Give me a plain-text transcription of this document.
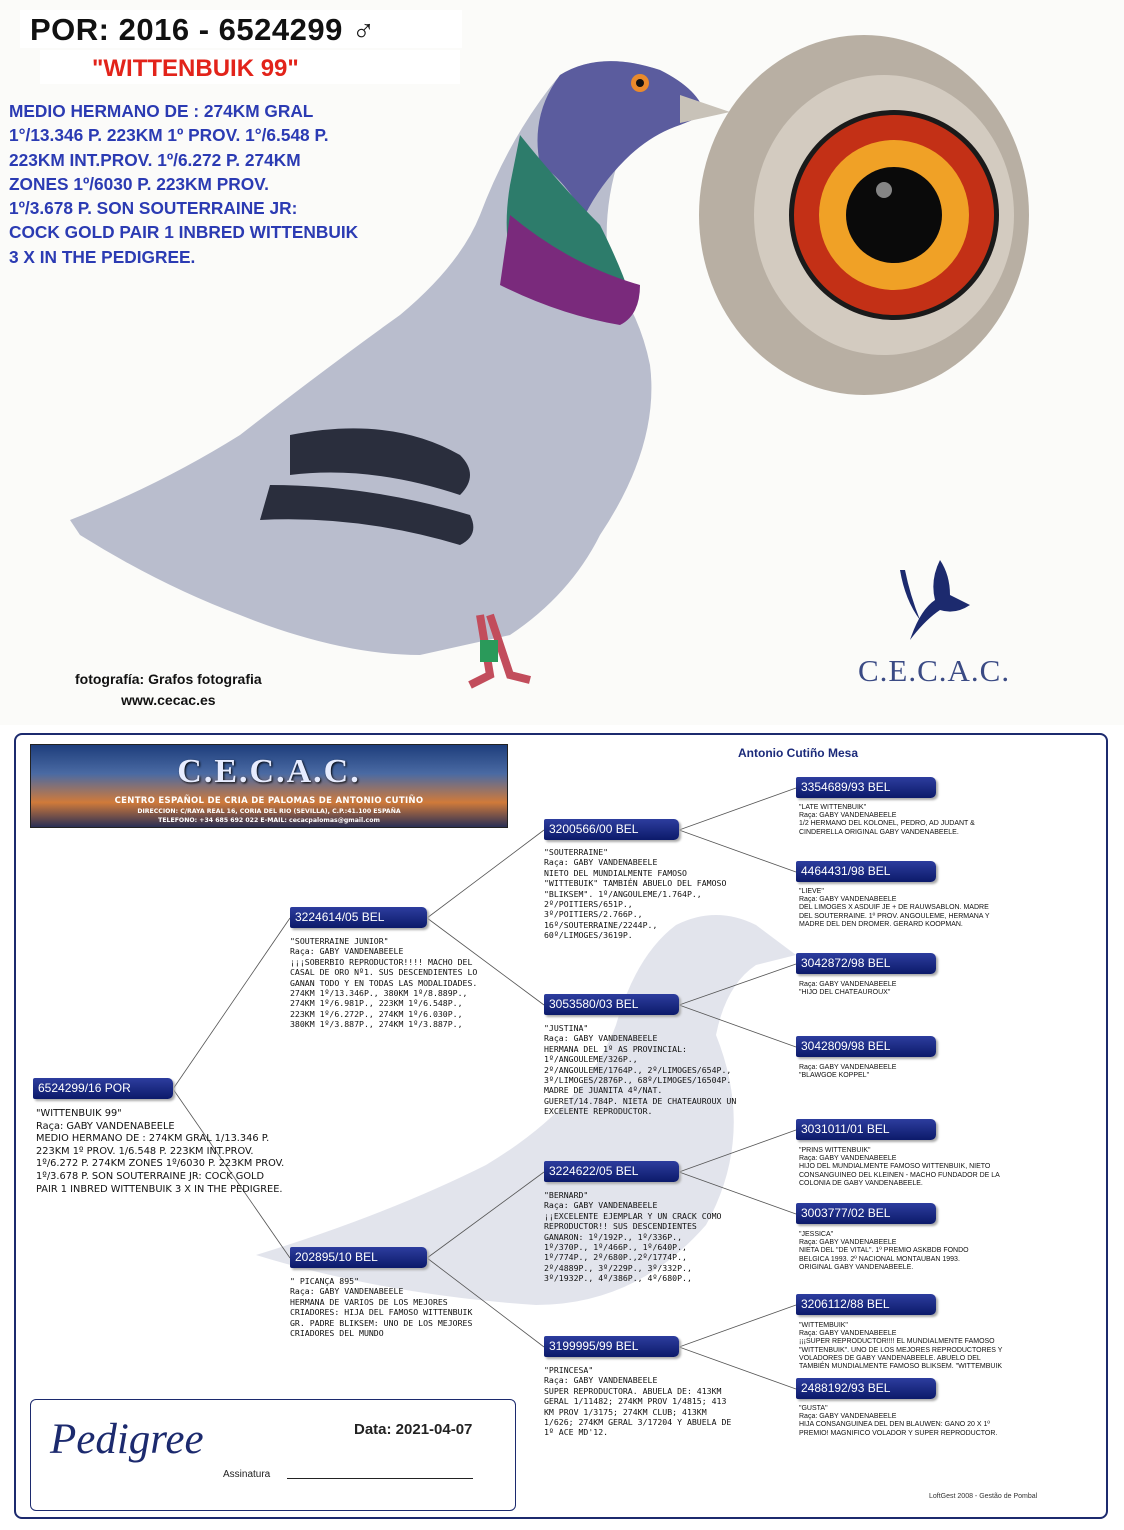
POR: 2016 - 6524299 ♂
"WITTENBUIK 99"
MEDIO HERMANO DE : 274KM GRAL
1°/13.346 P. 223KM 1º PROV. 1°/6.548 P.
223KM INT.PROV. 1º/6.272 P. 274KM
ZONES 1º/6030 P. 223KM PROV.
1º/3.678 P. SON SOUTERRAINE JR:
COCK GOLD PAIR 1 INBRED WITTENBUIK
3 X IN THE PEDIGREE.
fotografía: Grafos fotografia
www.cecac.es
C.E.C.A.C.
C.E.C.A.C.
CENTRO ESPAÑOL DE CRIA DE PALOMAS DE ANTONIO CUTIÑO
DIRECCION: C/RAYA REAL 16, CORIA DEL RIO (SEVILLA), C.P.:41.100 ESPAÑA
TELEFONO: +34 685 692 022 E-MAIL: cecacpalomas@gmail.com
Antonio Cutiño Mesa
6524299/16 POR
"WITTENBUIK 99"
Raça: GABY VANDENABEELE
MEDIO HERMANO DE : 274KM GRAL 1/13.346 P.
223KM 1º PROV. 1/6.548 P. 223KM INT.PROV.
1º/6.272 P. 274KM ZONES 1º/6030 P. 223KM PROV.
1º/3.678 P. SON SOUTERRAINE JR: COCK GOLD
PAIR 1 INBRED WITTENBUIK 3 X IN THE PEDIGREE.
3224614/05 BEL
"SOUTERRAINE JUNIOR"
Raça: GABY VANDENABEELE
¡¡¡SOBERBIO REPRODUCTOR!!!! MACHO DEL
CASAL DE ORO Nº1. SUS DESCENDIENTES LO
GANAN TODO Y EN TODAS LAS MODALIDADES.
274KM 1º/13.346P., 380KM 1º/8.889P.,
274KM 1º/6.981P., 223KM 1º/6.548P.,
223KM 1º/6.272P., 274KM 1º/6.030P.,
380KM 1º/3.887P., 274KM 1º/3.887P.,
202895/10 BEL
" PICANÇA 895"
Raça: GABY VANDENABEELE
HERMANA DE VARIOS DE LOS MEJORES
CRIADORES: HIJA DEL FAMOSO WITTENBUIK
GR. PADRE BLIKSEM: UNO DE LOS MEJORES
CRIADORES DEL MUNDO
3200566/00 BEL
"SOUTERRAINE"
Raça: GABY VANDENABEELE
NIETO DEL MUNDIALMENTE FAMOSO
"WITTEBUIK" TAMBIÉN ABUELO DEL FAMOSO
"BLIKSEM". 1º/ANGOULEME/1.764P.,
2º/POITIERS/651P.,
3º/POITIERS/2.766P.,
16º/SOUTERRAINE/2244P.,
60º/LIMOGES/3619P.
3053580/03 BEL
"JUSTINA"
Raça: GABY VANDENABEELE
HERMANA DEL 1º AS PROVINCIAL:
1º/ANGOULEME/326P.,
2º/ANGOULEME/1764P., 2º/LIMOGES/654P.,
3º/LIMOGES/2876P., 68º/LIMOGES/16504P.
MADRE DE JUANITA 4º/NAT.
GUERET/14.784P. NIETA DE CHATEAUROUX UN
EXCELENTE REPRODUCTOR.
3224622/05 BEL
"BERNARD"
Raça: GABY VANDENABEELE
¡¡EXCELENTE EJEMPLAR Y UN CRACK COMO
REPRODUCTOR!! SUS DESCENDIENTES
GANARON: 1º/192P., 1º/336P.,
1º/370P., 1º/466P., 1º/640P.,
1º/774P., 2º/680P.,2º/1774P.,
2º/4889P., 3º/229P., 3º/332P.,
3º/1932P., 4º/386P., 4º/680P.,
3199995/99 BEL
"PRINCESA"
Raça: GABY VANDENABEELE
SUPER REPRODUCTORA. ABUELA DE: 413KM
GERAL 1/11482; 274KM PROV 1/4815; 413
KM PROV 1/3175; 274KM CLUB; 413KM
1/626; 274KM GERAL 3/17204 Y ABUELA DE
1º ACE MD'12.
3354689/93 BEL
"LATE WITTENBUIK"
Raça: GABY VANDENABEELE
1/2 HERMANO DEL KOLONEL, PEDRO, AD JUDANT &
CINDERELLA ORIGINAL GABY VANDENABEELE.
4464431/98 BEL
"LIEVE"
Raça: GABY VANDENABEELE
DEL LIMOGES X ASDUIF JE + DE RAUWSABLON. MADRE
DEL SOUTERRAINE. 1º PROV. ANGOULEME, HERMANA Y
MADRE DEL DEN DROMER. GERARD KOOPMAN.
3042872/98 BEL
Raça: GABY VANDENABEELE
"HIJO DEL CHATEAUROUX"
3042809/98 BEL
Raça: GABY VANDENABEELE
"BLAWGOE KOPPEL"
3031011/01 BEL
"PRINS WITTENBUIK"
Raça: GABY VANDENABEELE
HIJO DEL MUNDIALMENTE FAMOSO WITTENBUIK, NIETO
CONSANGUINEO DEL KLEINEN - MACHO FUNDADOR DE LA
COLONIA DE GABY VANDENABEELE.
3003777/02 BEL
"JESSICA"
Raça: GABY VANDENABEELE
NIETA DEL "DE VITAL". 1º PREMIO ASKBDB FONDO
BELGICA 1993. 2º NACIONAL MONTAUBAN 1993.
ORIGINAL GABY VANDENABEELE.
3206112/88 BEL
"WITTEMBUIK"
Raça: GABY VANDENABEELE
¡¡¡SUPER REPRODUCTOR!!!! EL MUNDIALMENTE FAMOSO
"WITTENBUIK". UNO DE LOS MEJORES REPRODUCTORES Y
VOLADORES DE GABY VANDENABEELE. ABUELO DEL
TAMBIÉN MUNDIALMENTE FAMOSO BLIKSEM. "WITTEMBUIK
2488192/93 BEL
"GUSTA"
Raça: GABY VANDENABEELE
HIJA CONSANGUINEA DEL DEN BLAUWEN: GANO 20 X 1º
PREMIO! MAGNIFICO VOLADOR Y SUPER REPRODUCTOR.
Pedigree	Data: 2021-04-07
Assinatura
LoftGest 2008 - Gestão de Pombal
